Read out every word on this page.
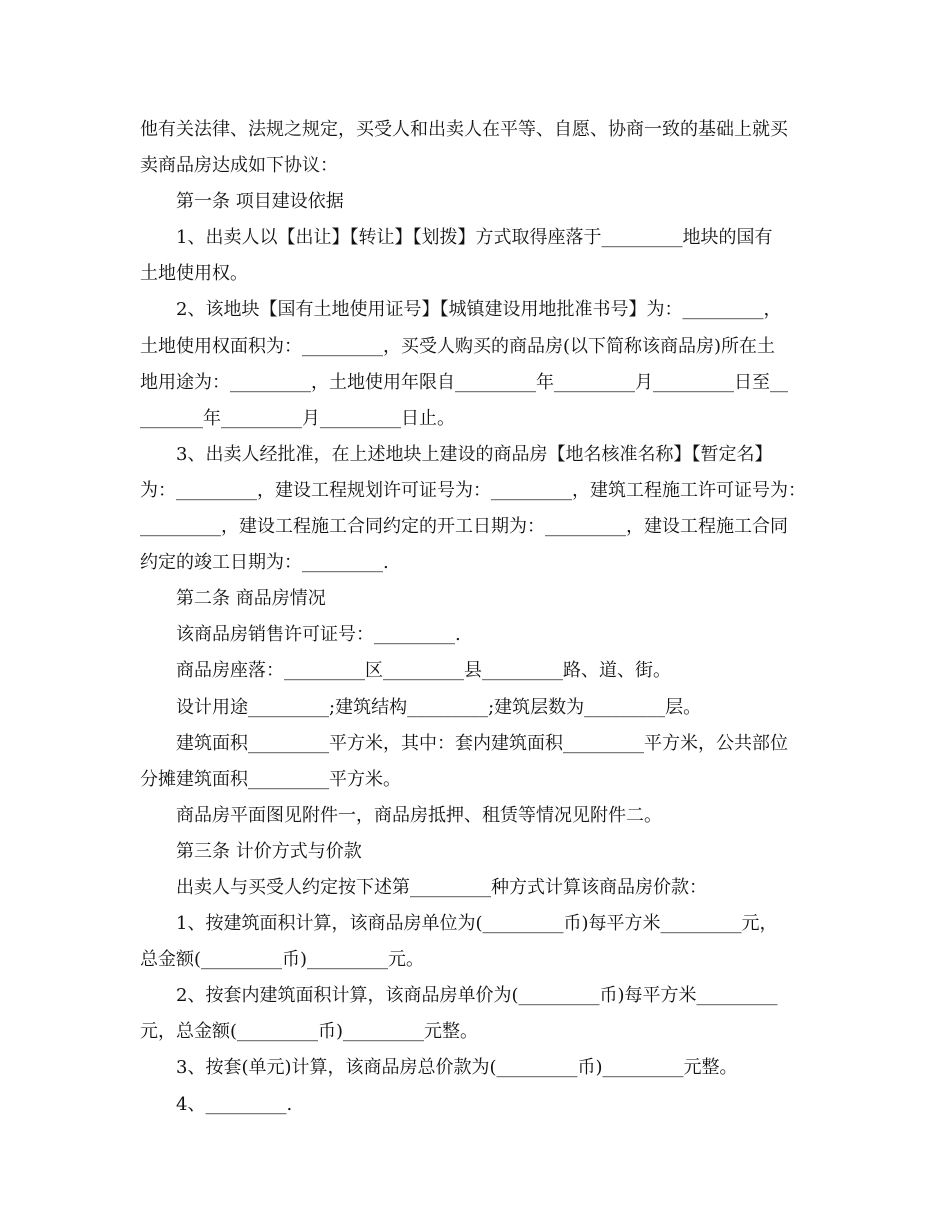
他有关法律、法规之规定，买受人和出卖人在平等、自愿、协商一致的基础上就买

卖商品房达成如下协议：

第一条 项目建设依据

1、出卖人以【出让】【转让】【划拨】方式取得座落于_________地块的国有

土地使用权。

2、该地块【国有土地使用证号】【城镇建设用地批准书号】为：_________，

土地使用权面积为：_________，买受人购买的商品房(以下简称该商品房)所在土

地用途为：_________，土地使用年限自_________年_________月_________日至__

_______年_________月_________日止。

3、出卖人经批准，在上述地块上建设的商品房【地名核准名称】【暂定名】

为：_________，建设工程规划许可证号为：_________，建筑工程施工许可证号为：

_________，建设工程施工合同约定的开工日期为：_________，建设工程施工合同

约定的竣工日期为：_________.

第二条 商品房情况

该商品房销售许可证号：_________.

商品房座落：_________区_________县_________路、道、街。

设计用途_________;建筑结构_________;建筑层数为_________层。

建筑面积_________平方米，其中：套内建筑面积_________平方米，公共部位

分摊建筑面积_________平方米。

商品房平面图见附件一，商品房抵押、租赁等情况见附件二。

第三条 计价方式与价款

出卖人与买受人约定按下述第_________种方式计算该商品房价款：

1、按建筑面积计算，该商品房单位为(_________币)每平方米_________元，

总金额(_________币)_________元。

2、按套内建筑面积计算，该商品房单价为(_________币)每平方米_________

元，总金额(_________币)_________元整。

3、按套(单元)计算，该商品房总价款为(_________币)_________元整。

4、_________.
